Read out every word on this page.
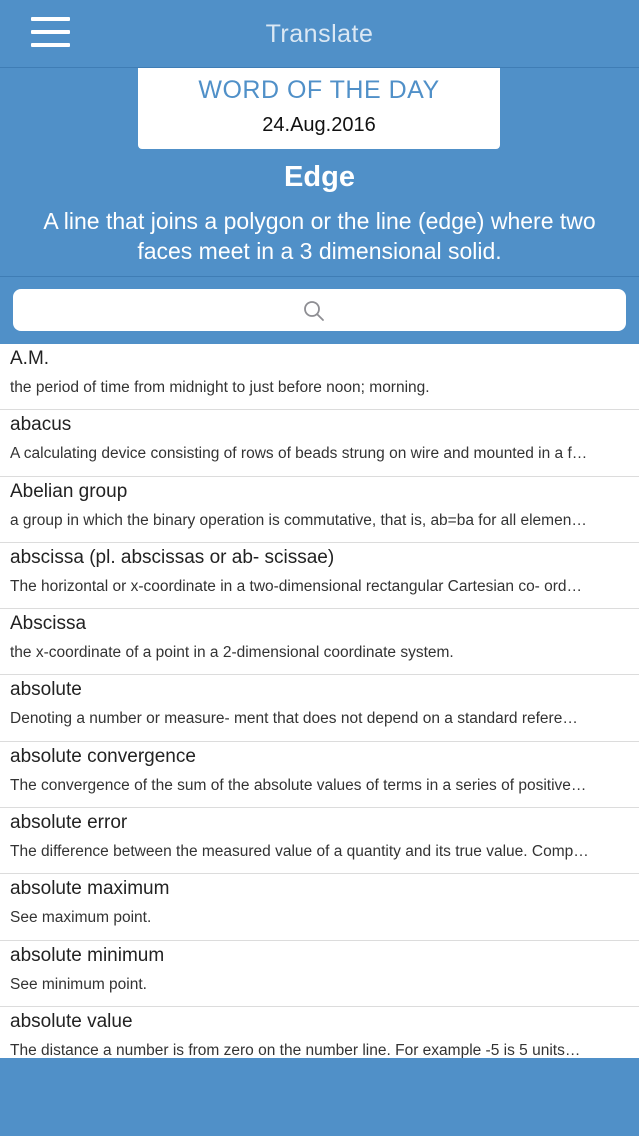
Translate
WORD OF THE DAY
24.Aug.2016
Edge
A line that joins a polygon or the line (edge) where two faces meet in a 3 dimensional solid.
A.M.
the period of time from midnight to just before noon; morning.
abacus
A calculating device consisting of rows of beads strung on wire and mounted in a f…
Abelian group
a group in which the binary operation is commutative, that is, ab=ba for all elemen…
abscissa (pl. abscissas or ab- scissae)
The horizontal or x-coordinate in a two-dimensional rectangular Cartesian co- ord…
Abscissa
the x-coordinate of a point in a 2-dimensional coordinate system.
absolute
Denoting a number or measure- ment that does not depend on a standard refere…
absolute convergence
The convergence of the sum of the absolute values of terms in a series of positive…
absolute error
The difference between the measured value of a quantity and its true value. Comp…
absolute maximum
See maximum point.
absolute minimum
See minimum point.
absolute value
The distance a number is from zero on the number line. For example -5 is 5 units…
